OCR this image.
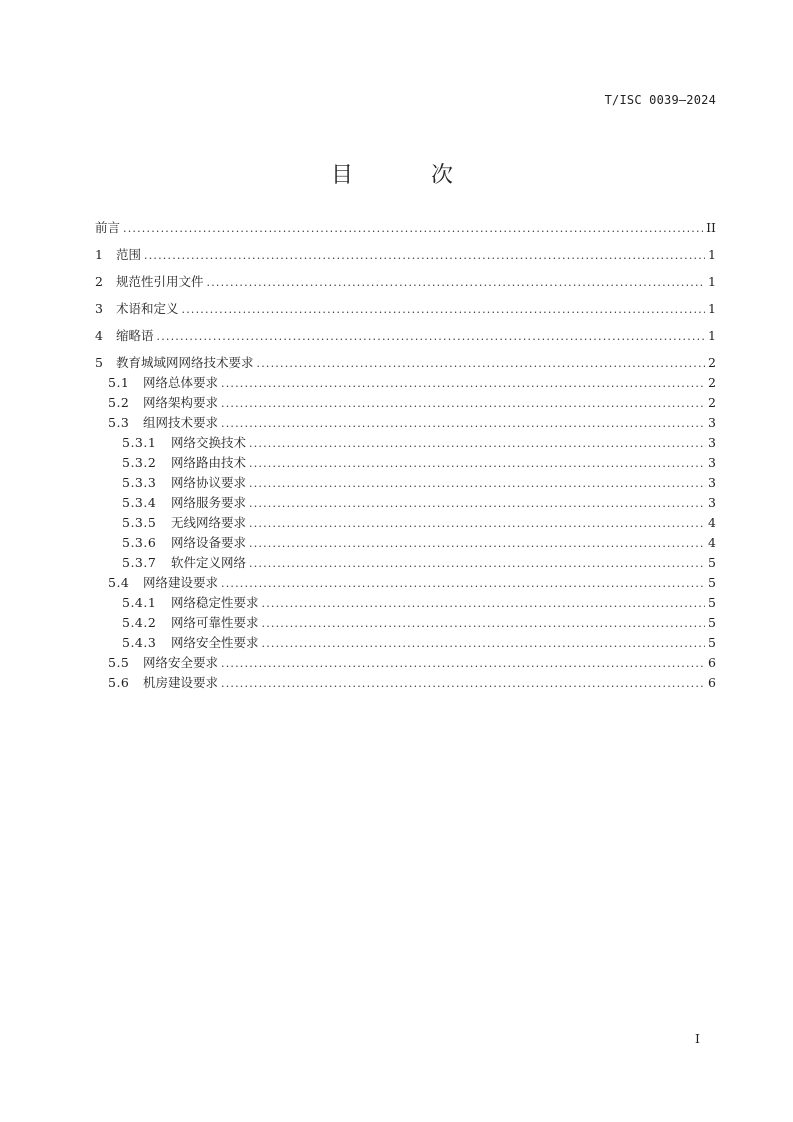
T/ISC 0039—2024
目　次
前言 .....	II
1	范围 .....	1
2	规范性引用文件 .....	1
3	术语和定义 .....	1
4	缩略语 .....	1
5	教育城域网网络技术要求 .....	2
5.1	网络总体要求 .....	2
5.2	网络架构要求 .....	2
5.3	组网技术要求 .....	3
5.3.1	网络交换技术 .....	3
5.3.2	网络路由技术 .....	3
5.3.3	网络协议要求 .....	3
5.3.4	网络服务要求 .....	3
5.3.5	无线网络要求 .....	4
5.3.6	网络设备要求 .....	4
5.3.7	软件定义网络 .....	5
5.4	网络建设要求 .....	5
5.4.1	网络稳定性要求 .....	5
5.4.2	网络可靠性要求 .....	5
5.4.3	网络安全性要求 .....	5
5.5	网络安全要求 .....	6
5.6	机房建设要求 .....	6
I
